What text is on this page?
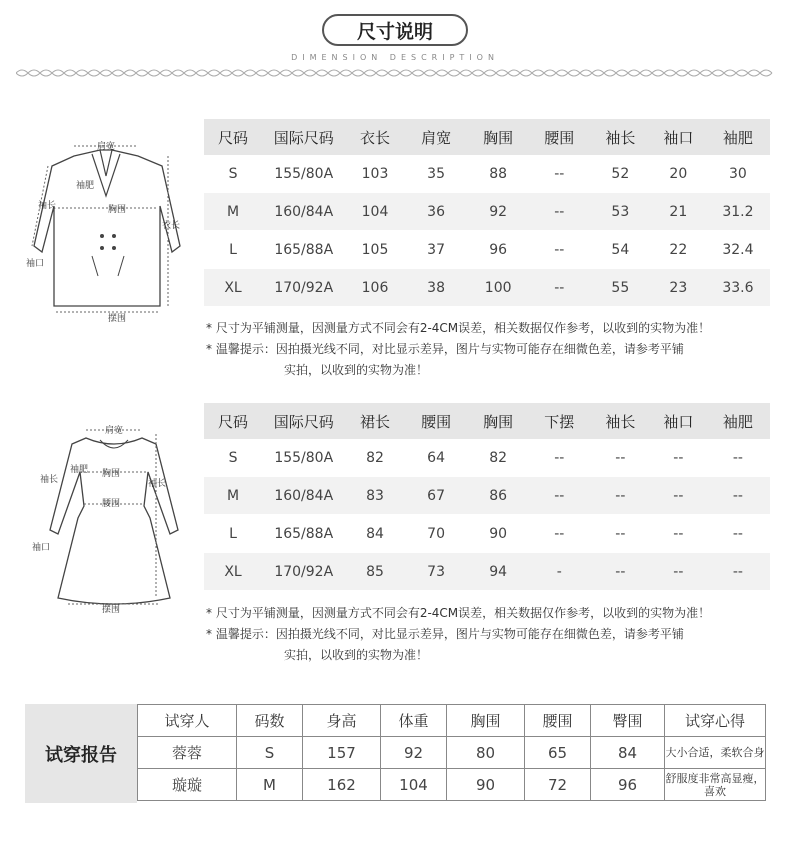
尺寸说明
DIMENSION DESCRIPTION
肩宽
袖肥
袖长	胸围
衣长
袖口
摆围
尺码	国际尺码	衣长	肩宽	胸围	腰围	袖长	袖口	袖肥
S	155/80A	103	35	88	--	52	20	30

M	160/84A	104	36	92	--	53	21	31.2

L	165/88A	105	37	96	--	54	22	32.4

XL	170/92A	106	38	100	--	55	23	33.6
* 尺寸为平铺测量，因测量方式不同会有2-4CM误差，相关数据仅作参考，以收到的实物为准！
* 温馨提示：因拍摄光线不同，对比显示差异，图片与实物可能存在细微色差，请参考平铺
实拍，以收到的实物为准！
肩宽
袖肥
袖长
胸围
袖长
腰围
袖口
摆围
尺码	国际尺码	裙长	腰围	胸围	下摆	袖长	袖口	袖肥
S	155/80A	82	64	82	--	--	--	--

M	160/84A	83	67	86	--	--	--	--

L	165/88A	84	70	90	--	--	--	--

XL	170/92A	85	73	94	-	--	--	--
* 尺寸为平铺测量，因测量方式不同会有2-4CM误差，相关数据仅作参考，以收到的实物为准！
* 温馨提示：因拍摄光线不同，对比显示差异，图片与实物可能存在细微色差，请参考平铺
实拍，以收到的实物为准！
试穿报告
试穿人	码数	身高	体重	胸围	腰围	臀围	试穿心得
蓉蓉	S	157	92	80	65	84	大小合适，柔软合身
璇璇	M	162	104	90	72	96	舒服度非常高显瘦，喜欢
